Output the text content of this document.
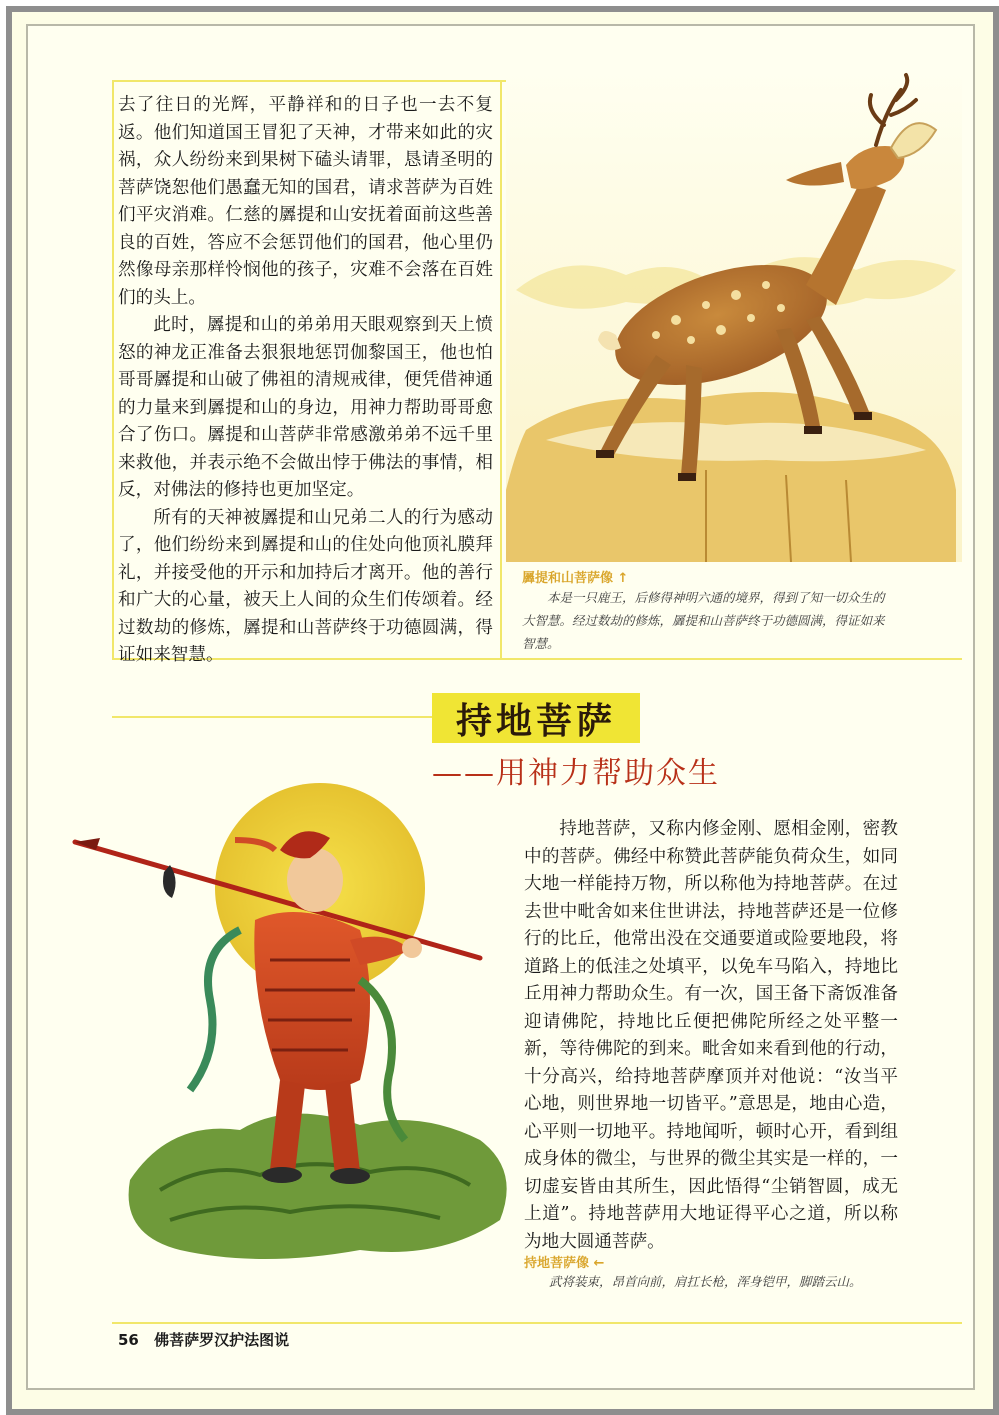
去了往日的光辉，平静祥和的日子也一去不复返。他们知道国王冒犯了天神，才带来如此的灾祸，众人纷纷来到果树下磕头请罪，恳请圣明的菩萨饶恕他们愚蠢无知的国君，请求菩萨为百姓们平灾消难。仁慈的羼提和山安抚着面前这些善良的百姓，答应不会惩罚他们的国君，他心里仍然像母亲那样怜悯他的孩子，灾难不会落在百姓们的头上。

此时，羼提和山的弟弟用天眼观察到天上愤怒的神龙正准备去狠狠地惩罚伽黎国王，他也怕哥哥羼提和山破了佛祖的清规戒律，便凭借神通的力量来到羼提和山的身边，用神力帮助哥哥愈合了伤口。羼提和山菩萨非常感激弟弟不远千里来救他，并表示绝不会做出悖于佛法的事情，相反，对佛法的修持也更加坚定。

所有的天神被羼提和山兄弟二人的行为感动了，他们纷纷来到羼提和山的住处向他顶礼膜拜礼，并接受他的开示和加持后才离开。他的善行和广大的心量，被天上人间的众生们传颂着。经过数劫的修炼，羼提和山菩萨终于功德圆满，得证如来智慧。

羼提和山菩萨像 ↑
本是一只鹿王，后修得神明六通的境界，得到了知一切众生的大智慧。经过数劫的修炼，羼提和山菩萨终于功德圆满，得证如来智慧。
持地菩萨
——用神力帮助众生

持地菩萨，又称内修金刚、愿相金刚，密教中的菩萨。佛经中称赞此菩萨能负荷众生，如同大地一样能持万物，所以称他为持地菩萨。在过去世中毗舍如来住世讲法，持地菩萨还是一位修行的比丘，他常出没在交通要道或险要地段，将道路上的低洼之处填平，以免车马陷入，持地比丘用神力帮助众生。有一次，国王备下斋饭准备迎请佛陀，持地比丘便把佛陀所经之处平整一新，等待佛陀的到来。毗舍如来看到他的行动，十分高兴，给持地菩萨摩顶并对他说：“汝当平心地，则世界地一切皆平。”意思是，地由心造，心平则一切地平。持地闻听，顿时心开，看到组成身体的微尘，与世界的微尘其实是一样的，一切虚妄皆由其所生，因此悟得“尘销智圆，成无上道”。持地菩萨用大地证得平心之道，所以称为地大圆通菩萨。

持地菩萨像 ←
武将装束，昂首向前，肩扛长枪，浑身铠甲，脚踏云山。
56 佛菩萨罗汉护法图说
